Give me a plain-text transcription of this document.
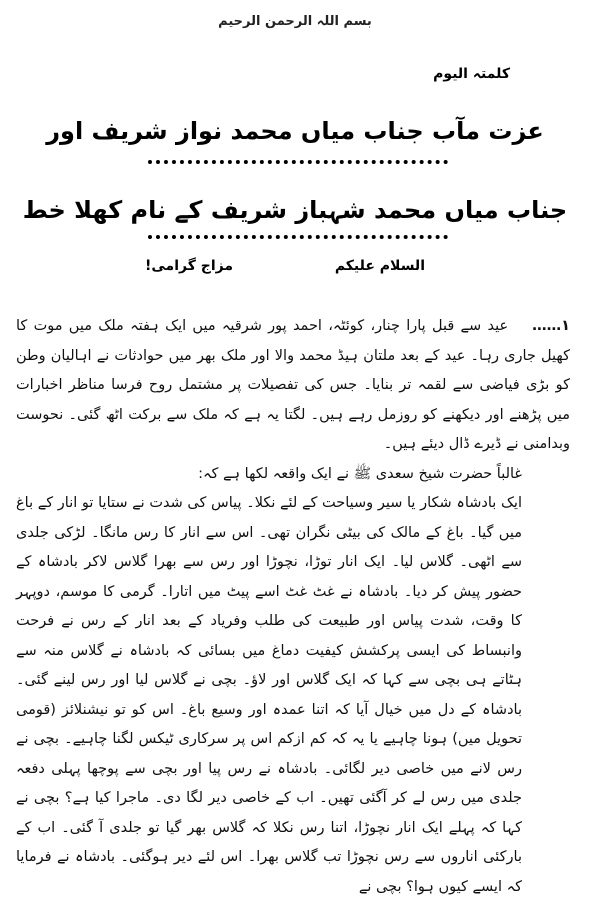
بسم اللہ الرحمن الرحیم
کلمتہ الیوم
عزت مآب جناب میاں محمد نواز شریف اور
جناب میاں محمد شہباز شریف کے نام کھلا خط
السلام علیکم
مزاج گرامی!

١……عید سے قبل پارا چنار، کوئٹہ، احمد پور شرقیہ میں ایک ہفتہ ملک میں موت کا کھیل جاری رہا۔ عید کے بعد ملتان ہیڈ محمد والا اور ملک بھر میں حوادثات نے اہالیان وطن کو بڑی فیاضی سے لقمہ تر بنایا۔ جس کی تفصیلات پر مشتمل روح فرسا مناظر اخبارات میں پڑھنے اور دیکھنے کو روزمل رہے ہیں۔ لگتا یہ ہے کہ ملک سے برکت اٹھ گئی۔ نحوست وبدامنی نے ڈیرے ڈال دیئے ہیں۔

غالباً حضرت شیخ سعدی ﷺ نے ایک واقعہ لکھا ہے کہ:

ایک بادشاہ شکار یا سیر وسیاحت کے لئے نکلا۔ پیاس کی شدت نے ستایا تو انار کے باغ میں گیا۔ باغ کے مالک کی بیٹی نگران تھی۔ اس سے انار کا رس مانگا۔ لڑکی جلدی سے اٹھی۔ گلاس لیا۔ ایک انار توڑا، نچوڑا اور رس سے بھرا گلاس لاکر بادشاہ کے حضور پیش کر دیا۔ بادشاہ نے غٹ غٹ اسے پیٹ میں اتارا۔ گرمی کا موسم، دوپہر کا وقت، شدت پیاس اور طبیعت کی طلب وفریاد کے بعد انار کے رس نے فرحت وانبساط کی ایسی پرکشش کیفیت دماغ میں بسائی کہ بادشاہ نے گلاس منہ سے ہٹاتے ہی بچی سے کہا کہ ایک گلاس اور لاؤ۔ بچی نے گلاس لیا اور رس لینے گئی۔ بادشاہ کے دل میں خیال آیا کہ اتنا عمدہ اور وسیع باغ۔ اس کو تو نیشنلائز (قومی تحویل میں) ہونا چاہیے یا یہ کہ کم ازکم اس پر سرکاری ٹیکس لگنا چاہیے۔ بچی نے رس لانے میں خاصی دیر لگائی۔ بادشاہ نے رس پیا اور بچی سے پوچھا پہلی دفعہ جلدی میں رس لے کر آگئی تھیں۔ اب کے خاصی دیر لگا دی۔ ماجرا کیا ہے؟ بچی نے کہا کہ پہلے ایک انار نچوڑا، اتنا رس نکلا کہ گلاس بھر گیا تو جلدی آ گئی۔ اب کے بارکئی اناروں سے رس نچوڑا تب گلاس بھرا۔ اس لئے دیر ہوگئی۔ بادشاہ نے فرمایا کہ ایسے کیوں ہوا؟ بچی نے
